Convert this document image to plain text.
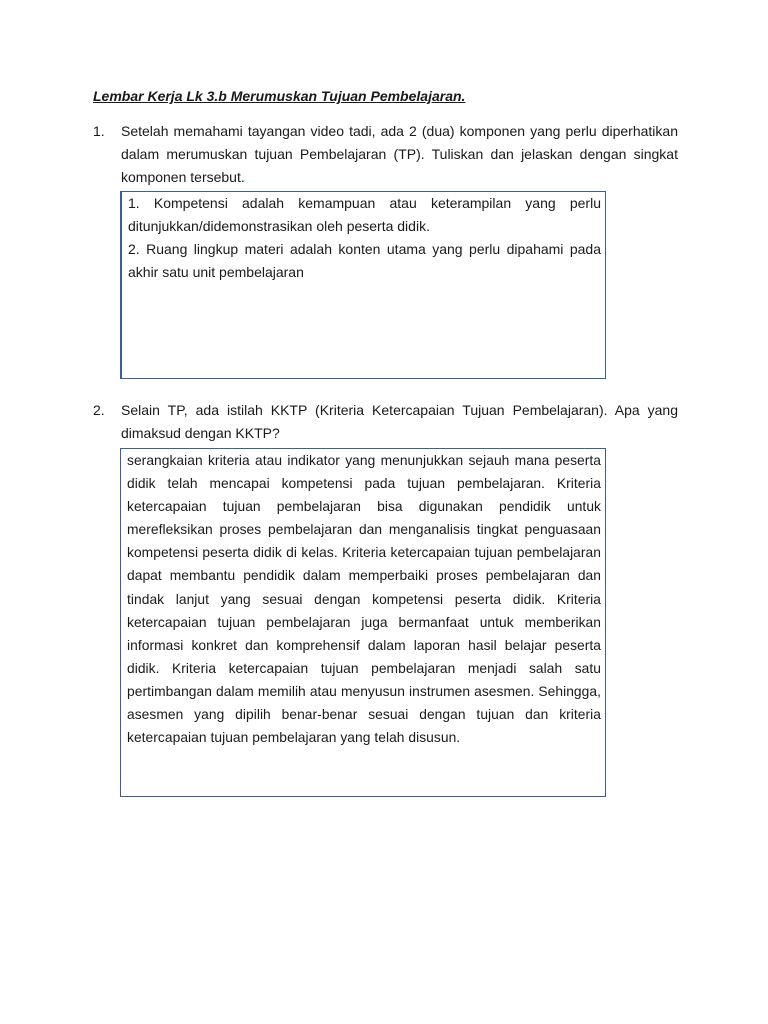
Lembar Kerja Lk 3.b Merumuskan Tujuan Pembelajaran.
1. Setelah memahami tayangan video tadi, ada 2 (dua) komponen yang perlu diperhatikan dalam merumuskan tujuan Pembelajaran (TP). Tuliskan dan jelaskan dengan singkat komponen tersebut.

1. Kompetensi adalah kemampuan atau keterampilan yang perlu ditunjukkan/didemonstrasikan oleh peserta didik.

2. Ruang lingkup materi adalah konten utama yang perlu dipahami pada akhir satu unit pembelajaran

2. Selain TP, ada istilah KKTP (Kriteria Ketercapaian Tujuan Pembelajaran). Apa yang dimaksud dengan KKTP?

serangkaian kriteria atau indikator yang menunjukkan sejauh mana peserta didik telah mencapai kompetensi pada tujuan pembelajaran. Kriteria ketercapaian tujuan pembelajaran bisa digunakan pendidik untuk merefleksikan proses pembelajaran dan menganalisis tingkat penguasaan kompetensi peserta didik di kelas. Kriteria ketercapaian tujuan pembelajaran dapat membantu pendidik dalam memperbaiki proses pembelajaran dan tindak lanjut yang sesuai dengan kompetensi peserta didik. Kriteria ketercapaian tujuan pembelajaran juga bermanfaat untuk memberikan informasi konkret dan komprehensif dalam laporan hasil belajar peserta didik. Kriteria ketercapaian tujuan pembelajaran menjadi salah satu pertimbangan dalam memilih atau menyusun instrumen asesmen. Sehingga, asesmen yang dipilih benar-benar sesuai dengan tujuan dan kriteria ketercapaian tujuan pembelajaran yang telah disusun.
